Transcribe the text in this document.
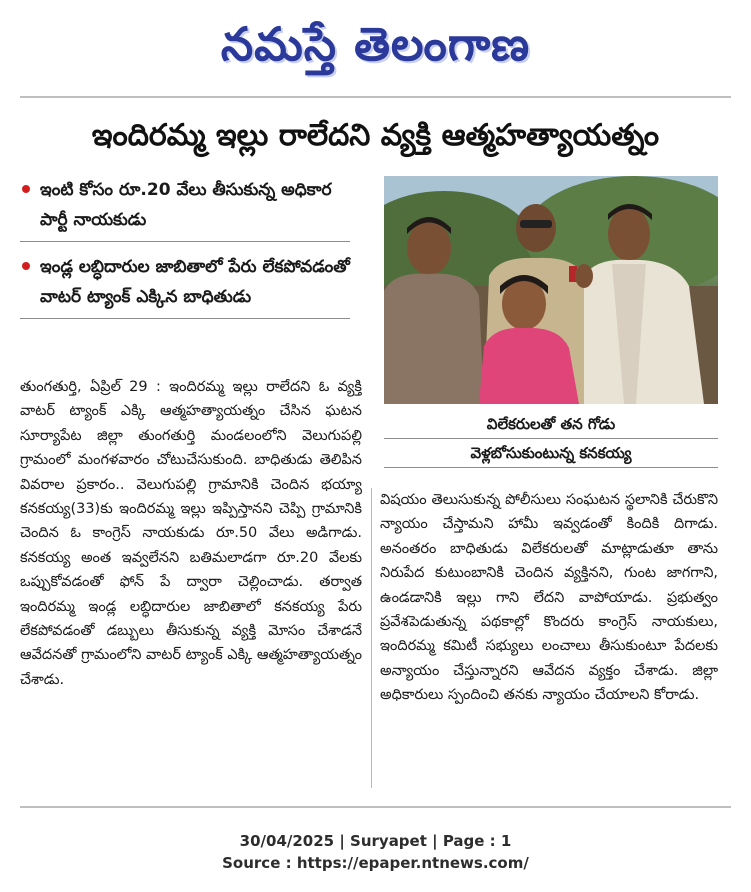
నమస్తే తెలంగాణ
ఇందిరమ్మ ఇల్లు రాలేదని వ్యక్తి ఆత్మహత్యాయత్నం
ఇంటి కోసం రూ.20 వేలు తీసుకున్న అధికార పార్టీ నాయకుడు
ఇండ్ల లబ్ధిదారుల జాబితాలో పేరు లేకపోవడంతో వాటర్ ట్యాంక్ ఎక్కిన బాధితుడు
విలేకరులతో తన గోడు
వెళ్లబోసుకుంటున్న కనకయ్య

తుంగతుర్తి, ఏప్రిల్ 29 : ఇందిరమ్మ ఇల్లు రాలేదని ఓ వ్యక్తి వాటర్ ట్యాంక్ ఎక్కి ఆత్మహత్యాయత్నం చేసిన ఘటన సూర్యాపేట జిల్లా తుంగతుర్తి మండలంలోని వెలుగుపల్లి గ్రామంలో మంగళవారం చోటుచేసుకుంది. బాధితుడు తెలిపిన వివరాల ప్రకారం.. వెలుగుపల్లి గ్రామానికి చెందిన భయ్యా కనకయ్య(33)కు ఇందిరమ్మ ఇల్లు ఇప్పిస్తానని చెప్పి గ్రామానికి చెందిన ఓ కాంగ్రెస్ నాయకుడు రూ.50 వేలు అడిగాడు. కనకయ్య అంత ఇవ్వలేనని బతిమలాడగా రూ.20 వేలకు ఒప్పుకోవడంతో ఫోన్ పే ద్వారా చెల్లించాడు. తర్వాత ఇందిరమ్మ ఇండ్ల లబ్ధిదారుల జాబితాలో కనకయ్య పేరు లేకపోవడంతో డబ్బులు తీసుకున్న వ్యక్తి మోసం చేశాడనే ఆవేదనతో గ్రామంలోని వాటర్ ట్యాంక్ ఎక్కి ఆత్మహత్యాయత్నం చేశాడు.

విషయం తెలుసుకున్న పోలీసులు సంఘటన స్థలానికి చేరుకొని న్యాయం చేస్తామని హామీ ఇవ్వడంతో కిందికి దిగాడు. అనంతరం బాధితుడు విలేకరులతో మాట్లాడుతూ తాను నిరుపేద కుటుంబానికి చెందిన వ్యక్తినని, గుంట జాగగాని, ఉండడానికి ఇల్లు గాని లేదని వాపోయాడు. ప్రభుత్వం ప్రవేశపెడుతున్న పథకాల్లో కొందరు కాంగ్రెస్ నాయకులు, ఇందిరమ్మ కమిటీ సభ్యులు లంచాలు తీసుకుంటూ పేదలకు అన్యాయం చేస్తున్నారని ఆవేదన వ్యక్తం చేశాడు. జిల్లా అధికారులు స్పందించి తనకు న్యాయం చేయాలని కోరాడు.

30/04/2025 | Suryapet | Page : 1
Source : https://epaper.ntnews.com/
